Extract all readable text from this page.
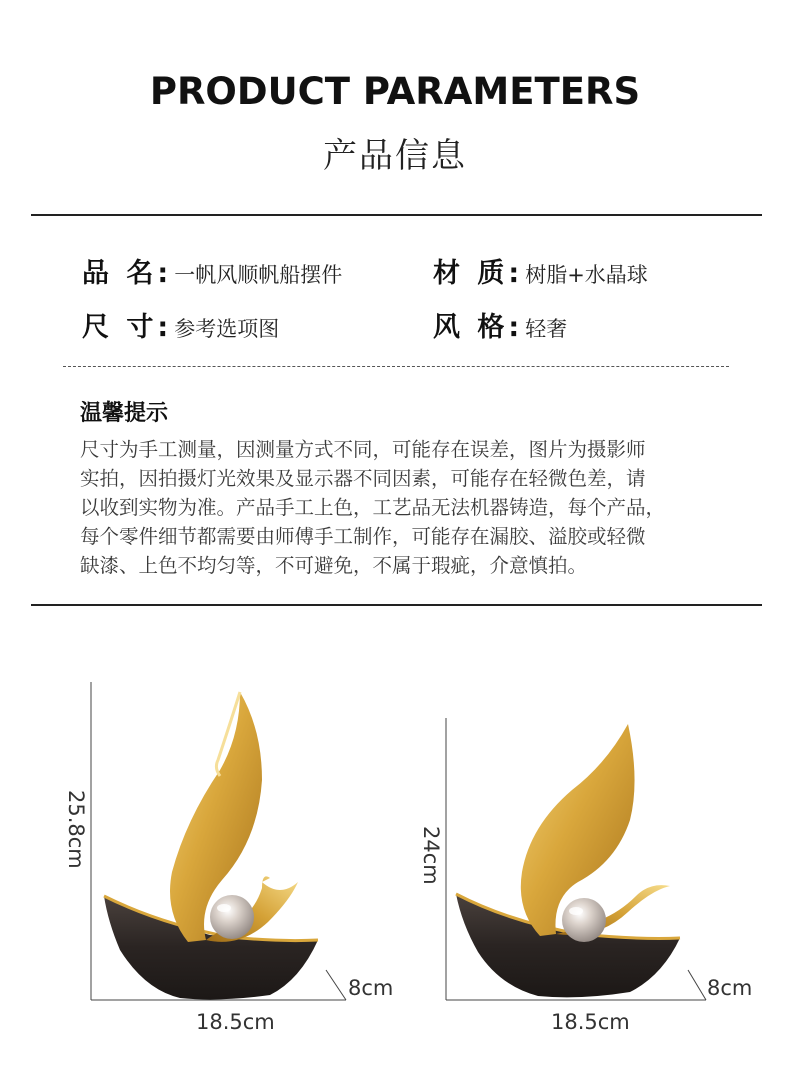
PRODUCT PARAMETERS
产品信息
品 名: 一帆风顺帆船摆件	材 质: 树脂+水晶球
尺 寸: 参考选项图	风 格: 轻奢
温馨提示
尺寸为手工测量，因测量方式不同，可能存在误差，图片为摄影师
实拍，因拍摄灯光效果及显示器不同因素，可能存在轻微色差，请
以收到实物为准。产品手工上色，工艺品无法机器铸造，每个产品，
每个零件细节都需要由师傅手工制作，可能存在漏胶、溢胶或轻微
缺漆、上色不均匀等，不可避免，不属于瑕疵，介意慎拍。
25.8cm
18.5cm
8cm
24cm
18.5cm
8cm
